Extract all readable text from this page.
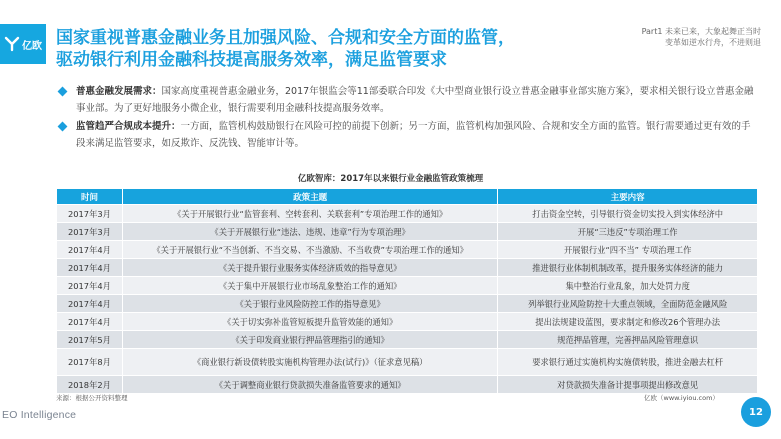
亿欧 国家重视普惠金融业务且加强风险、合规和安全方面的监管，
驱动银行利用金融科技提高服务效率，满足监管要求
Part1 未来已来，大象起舞正当时
变革如逆水行舟，不进则退
普惠金融发展需求：国家高度重视普惠金融业务，2017年银监会等11部委联合印发《大中型商业银行设立普惠金融事业部实施方案》，要求相关银行设立普惠金融事业部。为了更好地服务小微企业，银行需要利用金融科技提高服务效率。
监管趋严合规成本提升：一方面，监管机构鼓励银行在风险可控的前提下创新；另一方面，监管机构加强风险、合规和安全方面的监管。银行需要通过更有效的手段来满足监管要求，如反欺诈、反洗钱、智能审计等。
亿欧智库：2017年以来银行业金融监管政策梳理
时间	政策主题	主要内容
2017年3月	《关于开展银行业“监管套利、空转套利、关联套利”专项治理工作的通知》	打击资金空转，引导银行资金切实投入到实体经济中
2017年3月	《关于开展银行业“违法、违规、违章”行为专项治理》	开展“三违反”专项治理工作
2017年4月	《关于开展银行业“不当创新、不当交易、不当激励、不当收费”专项治理工作的通知》	开展银行业“四不当” 专项治理工作
2017年4月	《关于提升银行业服务实体经济质效的指导意见》	推进银行业体制机制改革，提升服务实体经济的能力
2017年4月	《关于集中开展银行业市场乱象整治工作的通知》	集中整治行业乱象，加大处罚力度
2017年4月	《关于银行业风险防控工作的指导意见》	列举银行业风险防控十大重点领域，全面防范金融风险
2017年4月	《关于切实弥补监管短板提升监管效能的通知》	提出法规建设蓝图，要求制定和修改26个管理办法
2017年5月	《关于印发商业银行押品管理指引的通知》	规范押品管理，完善押品风险管理意识
2017年8月	《商业银行新设债转股实施机构管理办法(试行)》（征求意见稿）	要求银行通过实施机构实施债转股，推进金融去杠杆
2018年2月	《关于调整商业银行贷款损失准备监管要求的通知》	对贷款损失准备计提事项提出修改意见
来源：根据公开资料整理	亿欧（www.iyiou.com）
EO Intelligence	12
